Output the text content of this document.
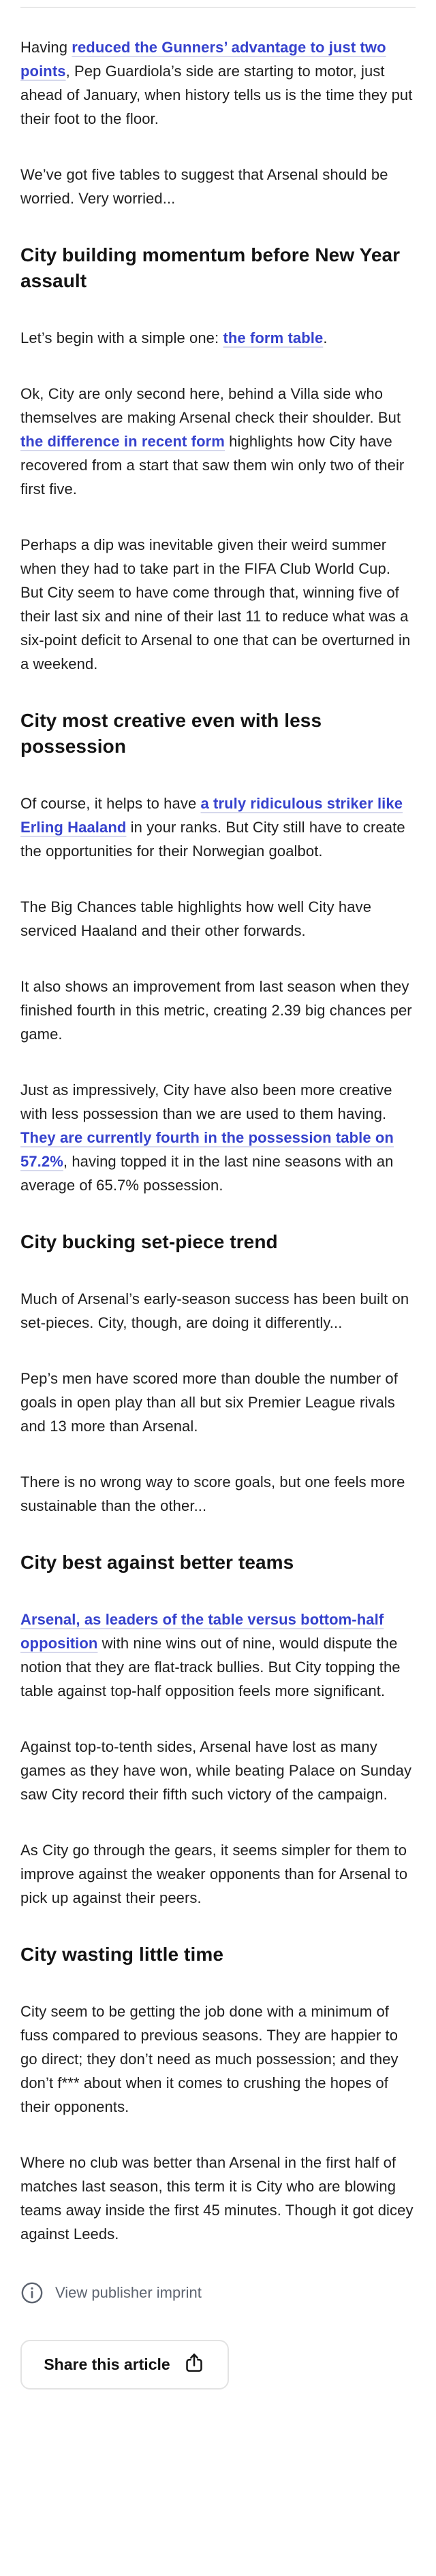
Having reduced the Gunners’ advantage to just two points, Pep Guardiola’s side are starting to motor, just ahead of January, when history tells us is the time they put their foot to the floor.

We’ve got five tables to suggest that Arsenal should be worried. Very worried...

City building momentum before New Year assault

Let’s begin with a simple one: the form table.

Ok, City are only second here, behind a Villa side who themselves are making Arsenal check their shoulder. But the difference in recent form highlights how City have recovered from a start that saw them win only two of their first five.

Perhaps a dip was inevitable given their weird summer when they had to take part in the FIFA Club World Cup. But City seem to have come through that, winning five of their last six and nine of their last 11 to reduce what was a six-point deficit to Arsenal to one that can be overturned in a weekend.

City most creative even with less possession

Of course, it helps to have a truly ridiculous striker like Erling Haaland in your ranks. But City still have to create the opportunities for their Norwegian goalbot.

The Big Chances table highlights how well City have serviced Haaland and their other forwards.

It also shows an improvement from last season when they finished fourth in this metric, creating 2.39 big chances per game.

Just as impressively, City have also been more creative with less possession than we are used to them having. They are currently fourth in the possession table on 57.2%, having topped it in the last nine seasons with an average of 65.7% possession.

City bucking set-piece trend

Much of Arsenal’s early-season success has been built on set-pieces. City, though, are doing it differently...

Pep’s men have scored more than double the number of goals in open play than all but six Premier League rivals and 13 more than Arsenal.

There is no wrong way to score goals, but one feels more sustainable than the other...

City best against better teams

Arsenal, as leaders of the table versus bottom-half opposition with nine wins out of nine, would dispute the notion that they are flat-track bullies. But City topping the table against top-half opposition feels more significant.

Against top-to-tenth sides, Arsenal have lost as many games as they have won, while beating Palace on Sunday saw City record their fifth such victory of the campaign.

As City go through the gears, it seems simpler for them to improve against the weaker opponents than for Arsenal to pick up against their peers.

City wasting little time

City seem to be getting the job done with a minimum of fuss compared to previous seasons. They are happier to go direct; they don’t need as much possession; and they don’t f*** about when it comes to crushing the hopes of their opponents.

Where no club was better than Arsenal in the first half of matches last season, this term it is City who are blowing teams away inside the first 45 minutes. Though it got dicey against Leeds.

View publisher imprint
Share this article
